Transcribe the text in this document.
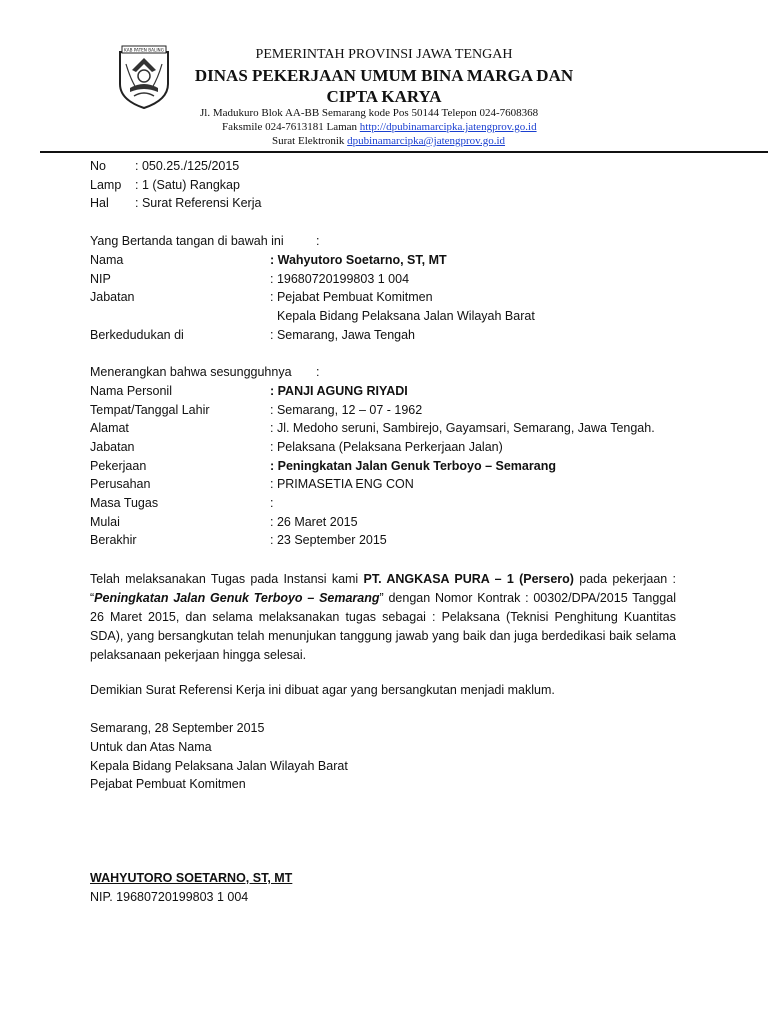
KAB PATEN BALING	PEMERINTAH PROVINSI JAWA TENGAH
DINAS PEKERJAAN UMUM BINA MARGA DAN
CIPTA KARYA
Jl. Madukuro Blok AA-BB Semarang kode Pos 50144 Telepon 024-7608368
Faksmile 024-7613181 Laman http://dpubinamarcipka.jatengprov.go.id
Surat Elektronik dpubinamarcipka@jatengprov.go.id
No : 050.25./125/2015
Lamp : 1 (Satu) Rangkap
Hal : Surat Referensi Kerja
Yang Bertanda tangan di bawah ini	:
Nama	: Wahyutoro Soetarno, ST, MT
NIP	: 19680720199803 1 004
Jabatan	: Pejabat Pembuat Komitmen
Kepala Bidang Pelaksana Jalan Wilayah Barat
Berkedudukan di	: Semarang, Jawa Tengah
Menerangkan bahwa sesungguhnya :
Nama Personil	: PANJI AGUNG RIYADI
Tempat/Tanggal Lahir	: Semarang, 12 – 07 - 1962
Alamat	: Jl. Medoho seruni, Sambirejo, Gayamsari, Semarang, Jawa Tengah.
Jabatan	: Pelaksana (Pelaksana Perkerjaan Jalan)
Pekerjaan	: Peningkatan Jalan Genuk Terboyo – Semarang
Perusahan	: PRIMASETIA ENG CON
Masa Tugas	:
Mulai	: 26 Maret 2015
Berakhir	: 23 September 2015
Telah melaksanakan Tugas pada Instansi kami PT. ANGKASA PURA – 1 (Persero) pada pekerjaan : “Peningkatan Jalan Genuk Terboyo – Semarang” dengan Nomor Kontrak : 00302/DPA/2015 Tanggal 26 Maret 2015, dan selama melaksanakan tugas sebagai : Pelaksana (Teknisi Penghitung Kuantitas SDA), yang bersangkutan telah menunjukan tanggung jawab yang baik dan juga berdedikasi baik selama pelaksanaan pekerjaan hingga selesai.
Demikian Surat Referensi Kerja ini dibuat agar yang bersangkutan menjadi maklum.
Semarang, 28 September 2015
Untuk dan Atas Nama
Kepala Bidang Pelaksana Jalan Wilayah Barat
Pejabat Pembuat Komitmen
WAHYUTORO SOETARNO, ST, MT
NIP. 19680720199803 1 004
